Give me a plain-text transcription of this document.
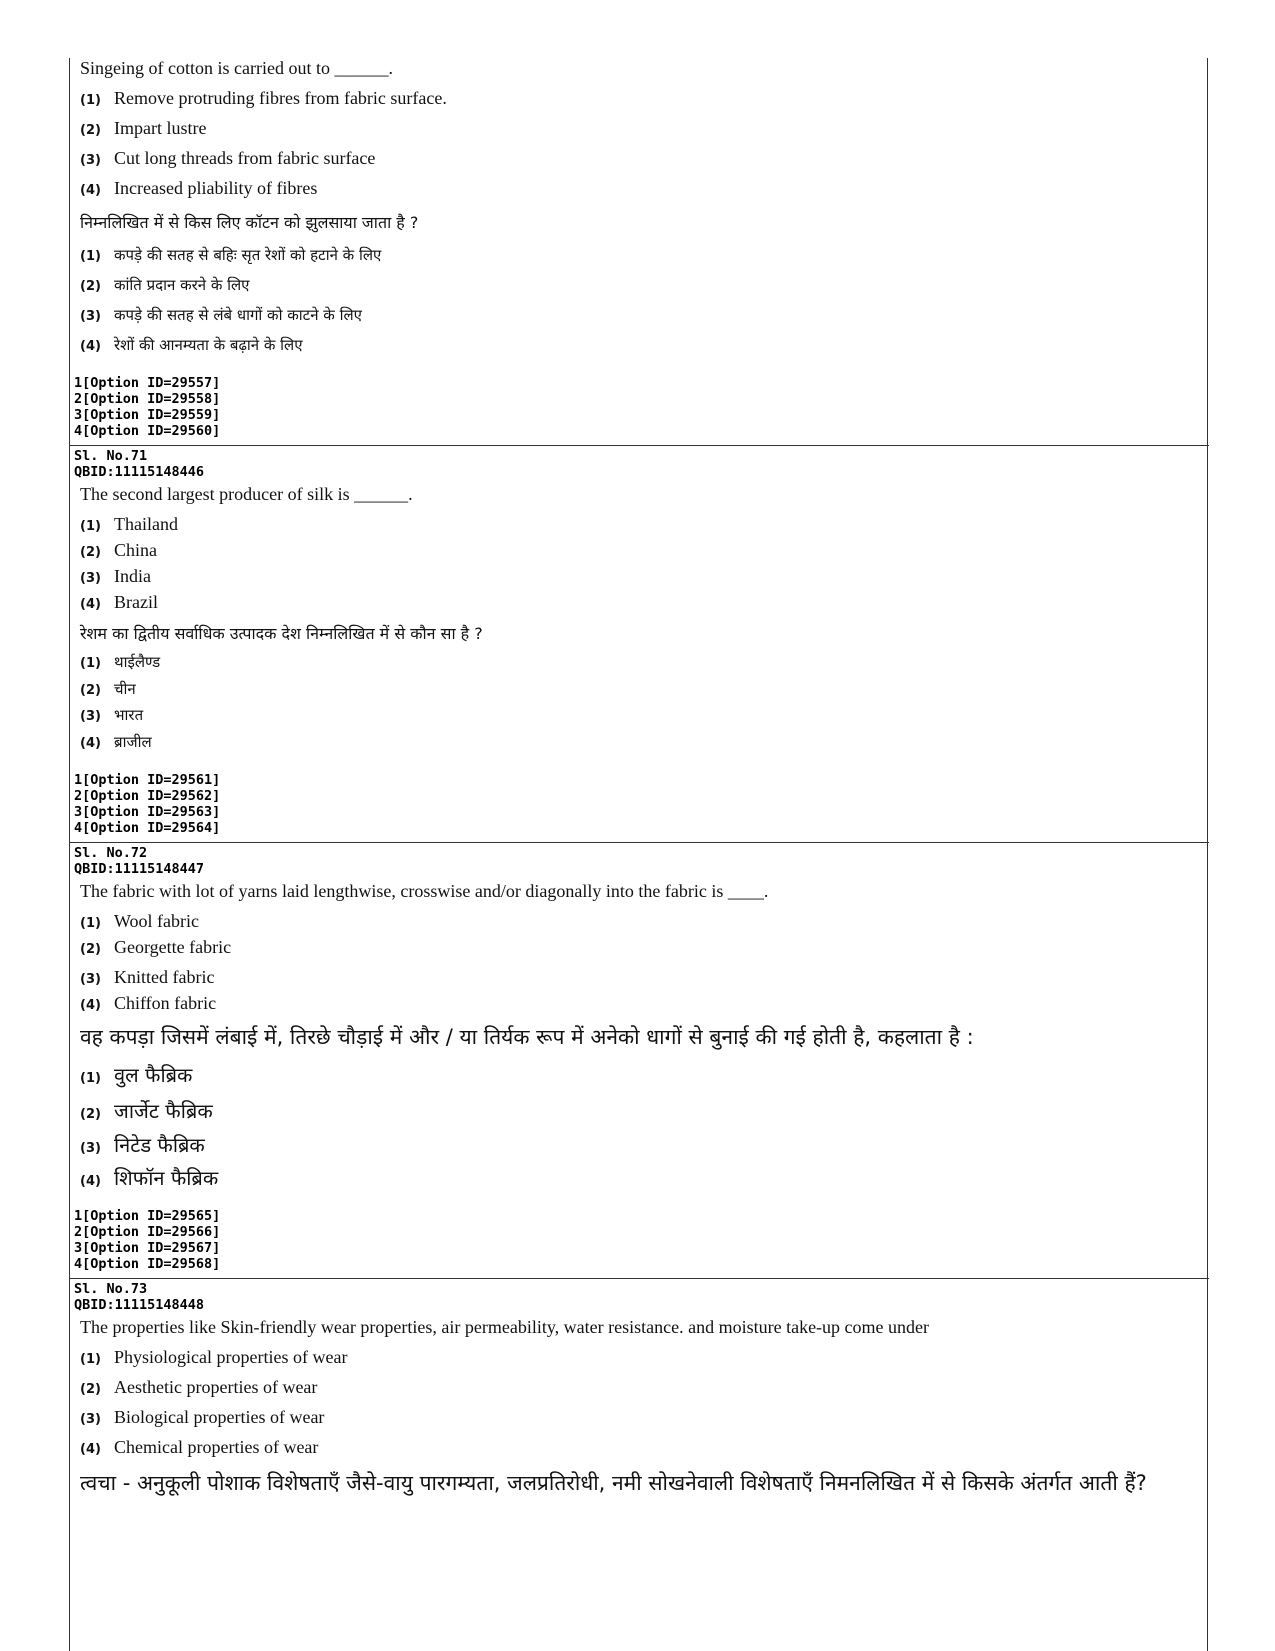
Singeing of cotton is carried out to ______.
(1) Remove protruding fibres from fabric surface.
(2) Impart lustre
(3) Cut long threads from fabric surface
(4) Increased pliability of fibres
निम्नलिखित में से किस लिए कॉटन को झुलसाया जाता है ?
(1) कपड़े की सतह से बहिः सृत रेशों को हटाने के लिए
(2) कांति प्रदान करने के लिए
(3) कपड़े की सतह से लंबे धागों को काटने के लिए
(4) रेशों की आनम्यता के बढ़ाने के लिए
1[Option ID=29557]
2[Option ID=29558]
3[Option ID=29559]
4[Option ID=29560]
Sl. No.71
QBID:11115148446
The second largest producer of silk is ______.
(1) Thailand
(2) China
(3) India
(4) Brazil
रेशम का द्वितीय सर्वाधिक उत्पादक देश निम्नलिखित में से कौन सा है ?
(1) थाईलैण्ड
(2) चीन
(3) भारत
(4) ब्राजील
1[Option ID=29561]
2[Option ID=29562]
3[Option ID=29563]
4[Option ID=29564]
Sl. No.72
QBID:11115148447
The fabric with lot of yarns laid lengthwise, crosswise and/or diagonally into the fabric is ____.
(1) Wool fabric
(2) Georgette fabric
(3) Knitted fabric
(4) Chiffon fabric
वह कपड़ा जिसमें लंबाई में, तिरछे चौड़ाई में और / या तिर्यक रूप में अनेको धागों से बुनाई की गई होती है, कहलाता है :
(1) वुल फैब्रिक
(2) जार्जेट फैब्रिक
(3) निटेड फैब्रिक
(4) शिफॉन फैब्रिक
1[Option ID=29565]
2[Option ID=29566]
3[Option ID=29567]
4[Option ID=29568]
Sl. No.73
QBID:11115148448
The properties like Skin-friendly wear properties, air permeability, water resistance. and moisture take-up come under
(1) Physiological properties of wear
(2) Aesthetic properties of wear
(3) Biological properties of wear
(4) Chemical properties of wear
त्वचा - अनुकूली पोशाक विशेषताएँ जैसे-वायु पारगम्यता, जलप्रतिरोधी, नमी सोखनेवाली विशेषताएँ निमनलिखित में से किसके अंतर्गत आती हैं?
